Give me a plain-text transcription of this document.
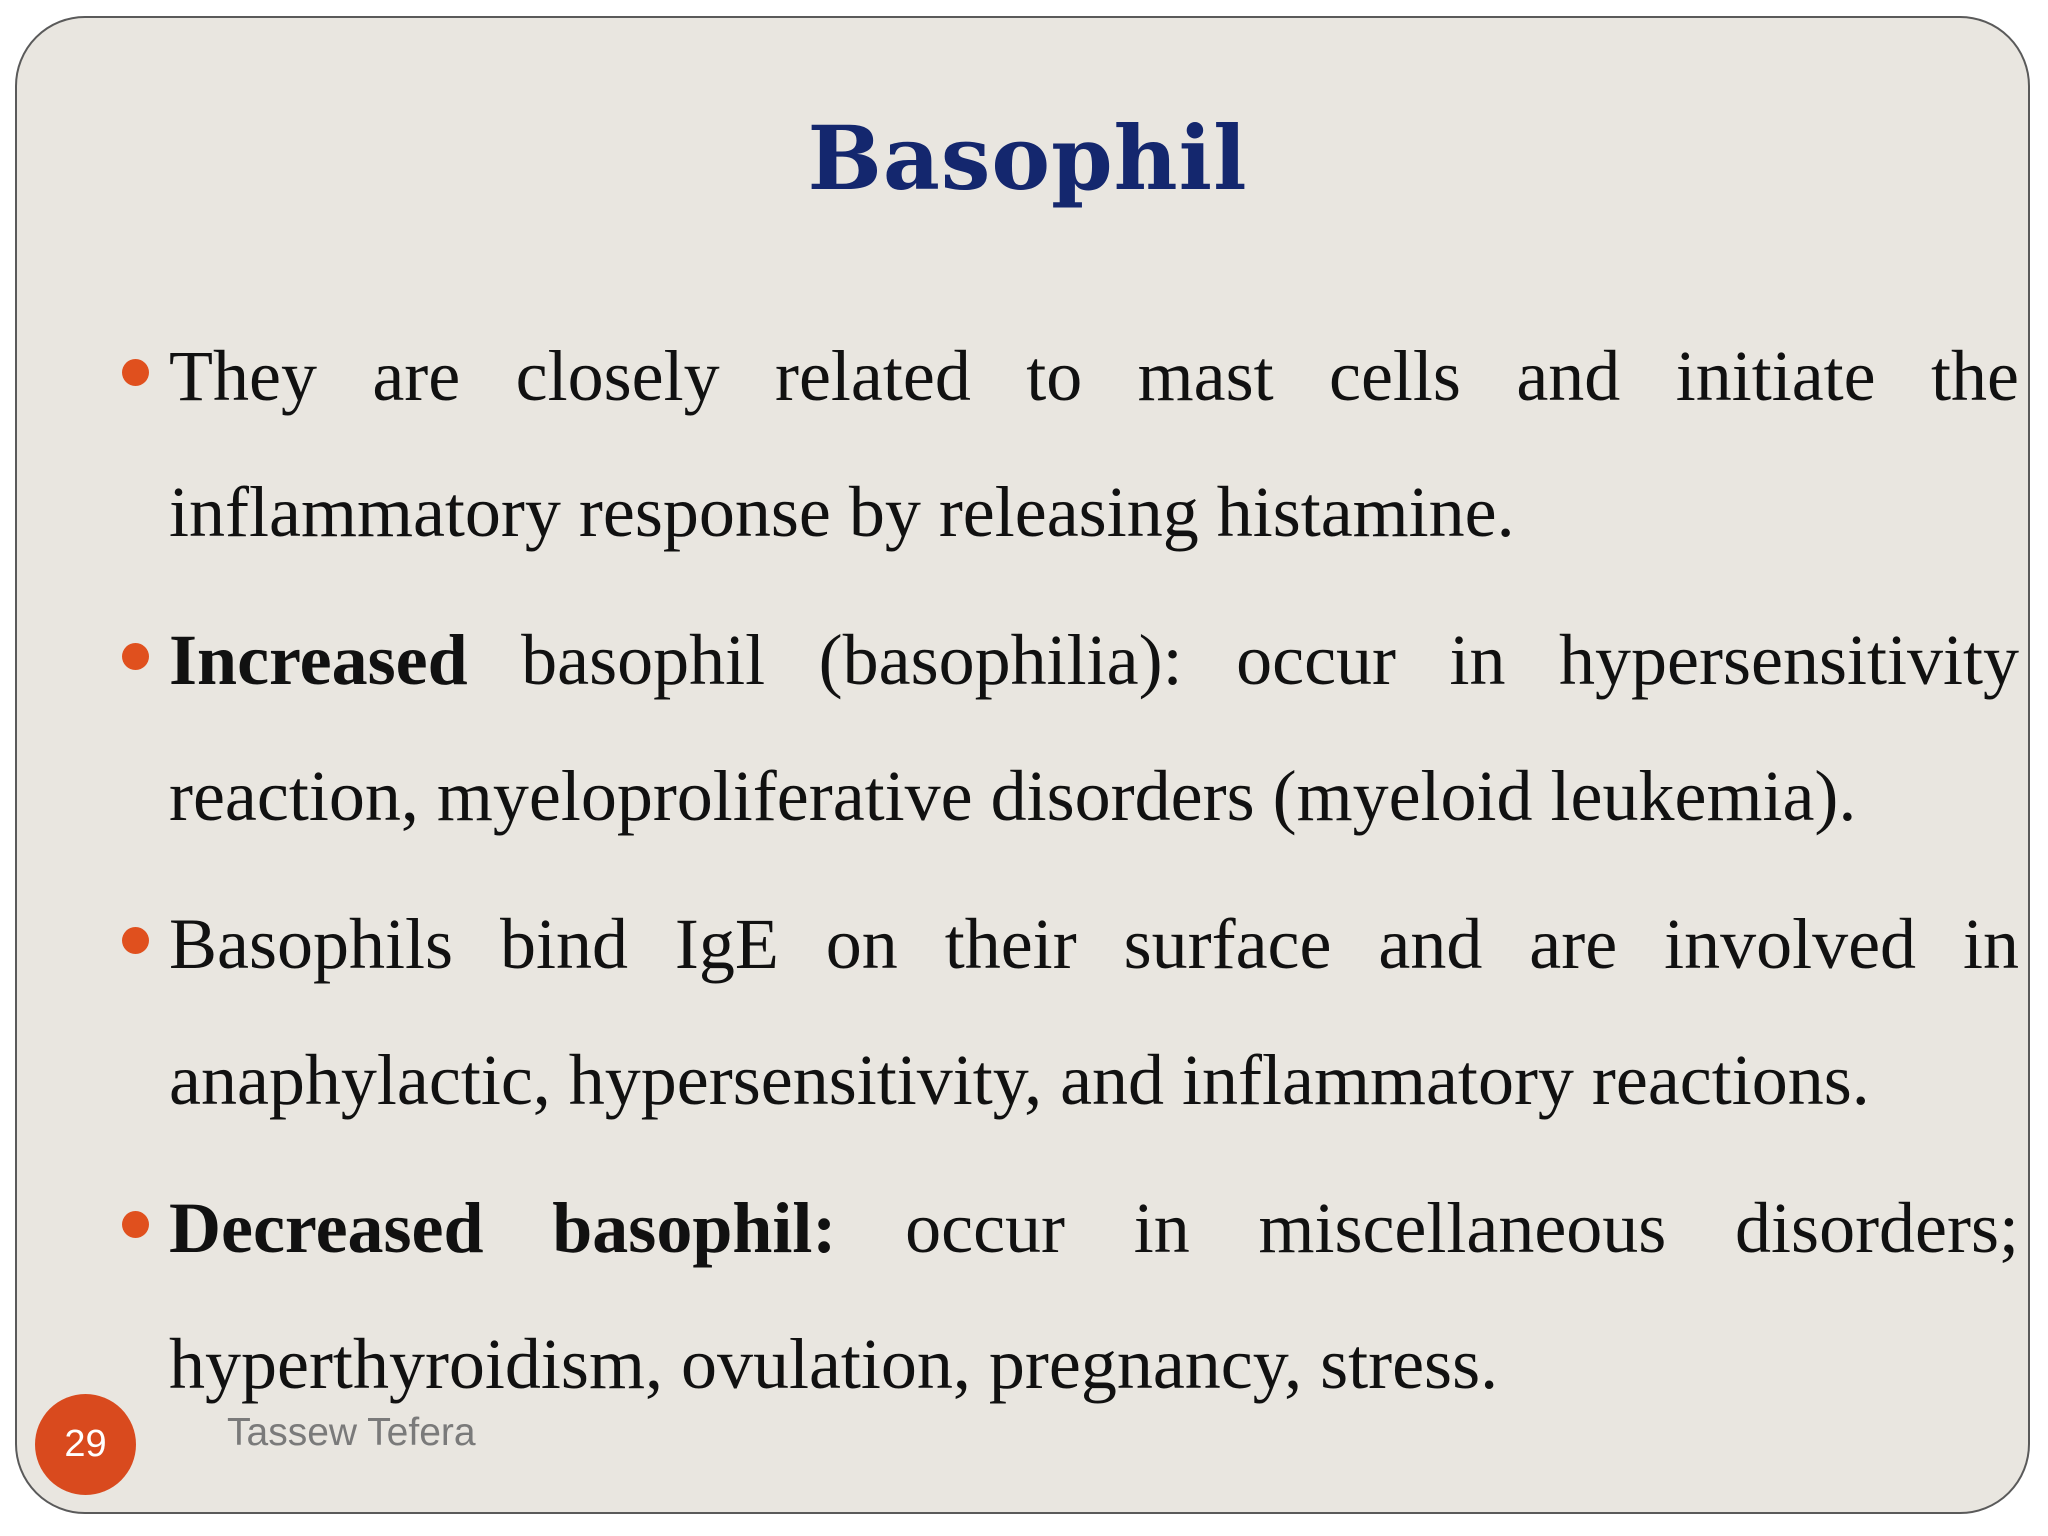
Basophil
They are closely related to mast cells and initiate the inflammatory response by releasing histamine.
Increased basophil (basophilia): occur in hypersensitivity reaction, myeloproliferative disorders (myeloid leukemia).
Basophils bind IgE on their surface and are involved in anaphylactic, hypersensitivity, and inflammatory reactions.
Decreased basophil: occur in miscellaneous disorders; hyperthyroidism, ovulation, pregnancy, stress.
29	Tassew Tefera
